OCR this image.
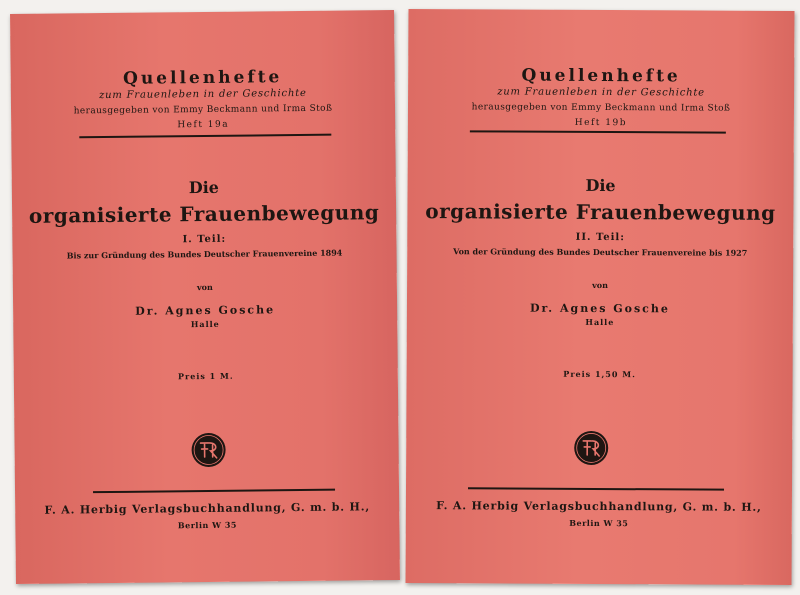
Quellenhefte
zum Frauenleben in der Geschichte
herausgegeben von Emmy Beckmann und Irma Stoß
Heft 19a
Die
organisierte Frauenbewegung
I. Teil:
Bis zur Gründung des Bundes Deutscher Frauenvereine 1894
von
Dr. Agnes Gosche
Halle
Preis 1 M.
F. A. Herbig Verlagsbuchhandlung, G. m. b. H.,
Berlin W 35
Quellenhefte
zum Frauenleben in der Geschichte
herausgegeben von Emmy Beckmann und Irma Stoß
Heft 19b
Die
organisierte Frauenbewegung
II. Teil:
Von der Gründung des Bundes Deutscher Frauenvereine bis 1927
von
Dr. Agnes Gosche
Halle
Preis 1,50 M.
F. A. Herbig Verlagsbuchhandlung, G. m. b. H.,
Berlin W 35
